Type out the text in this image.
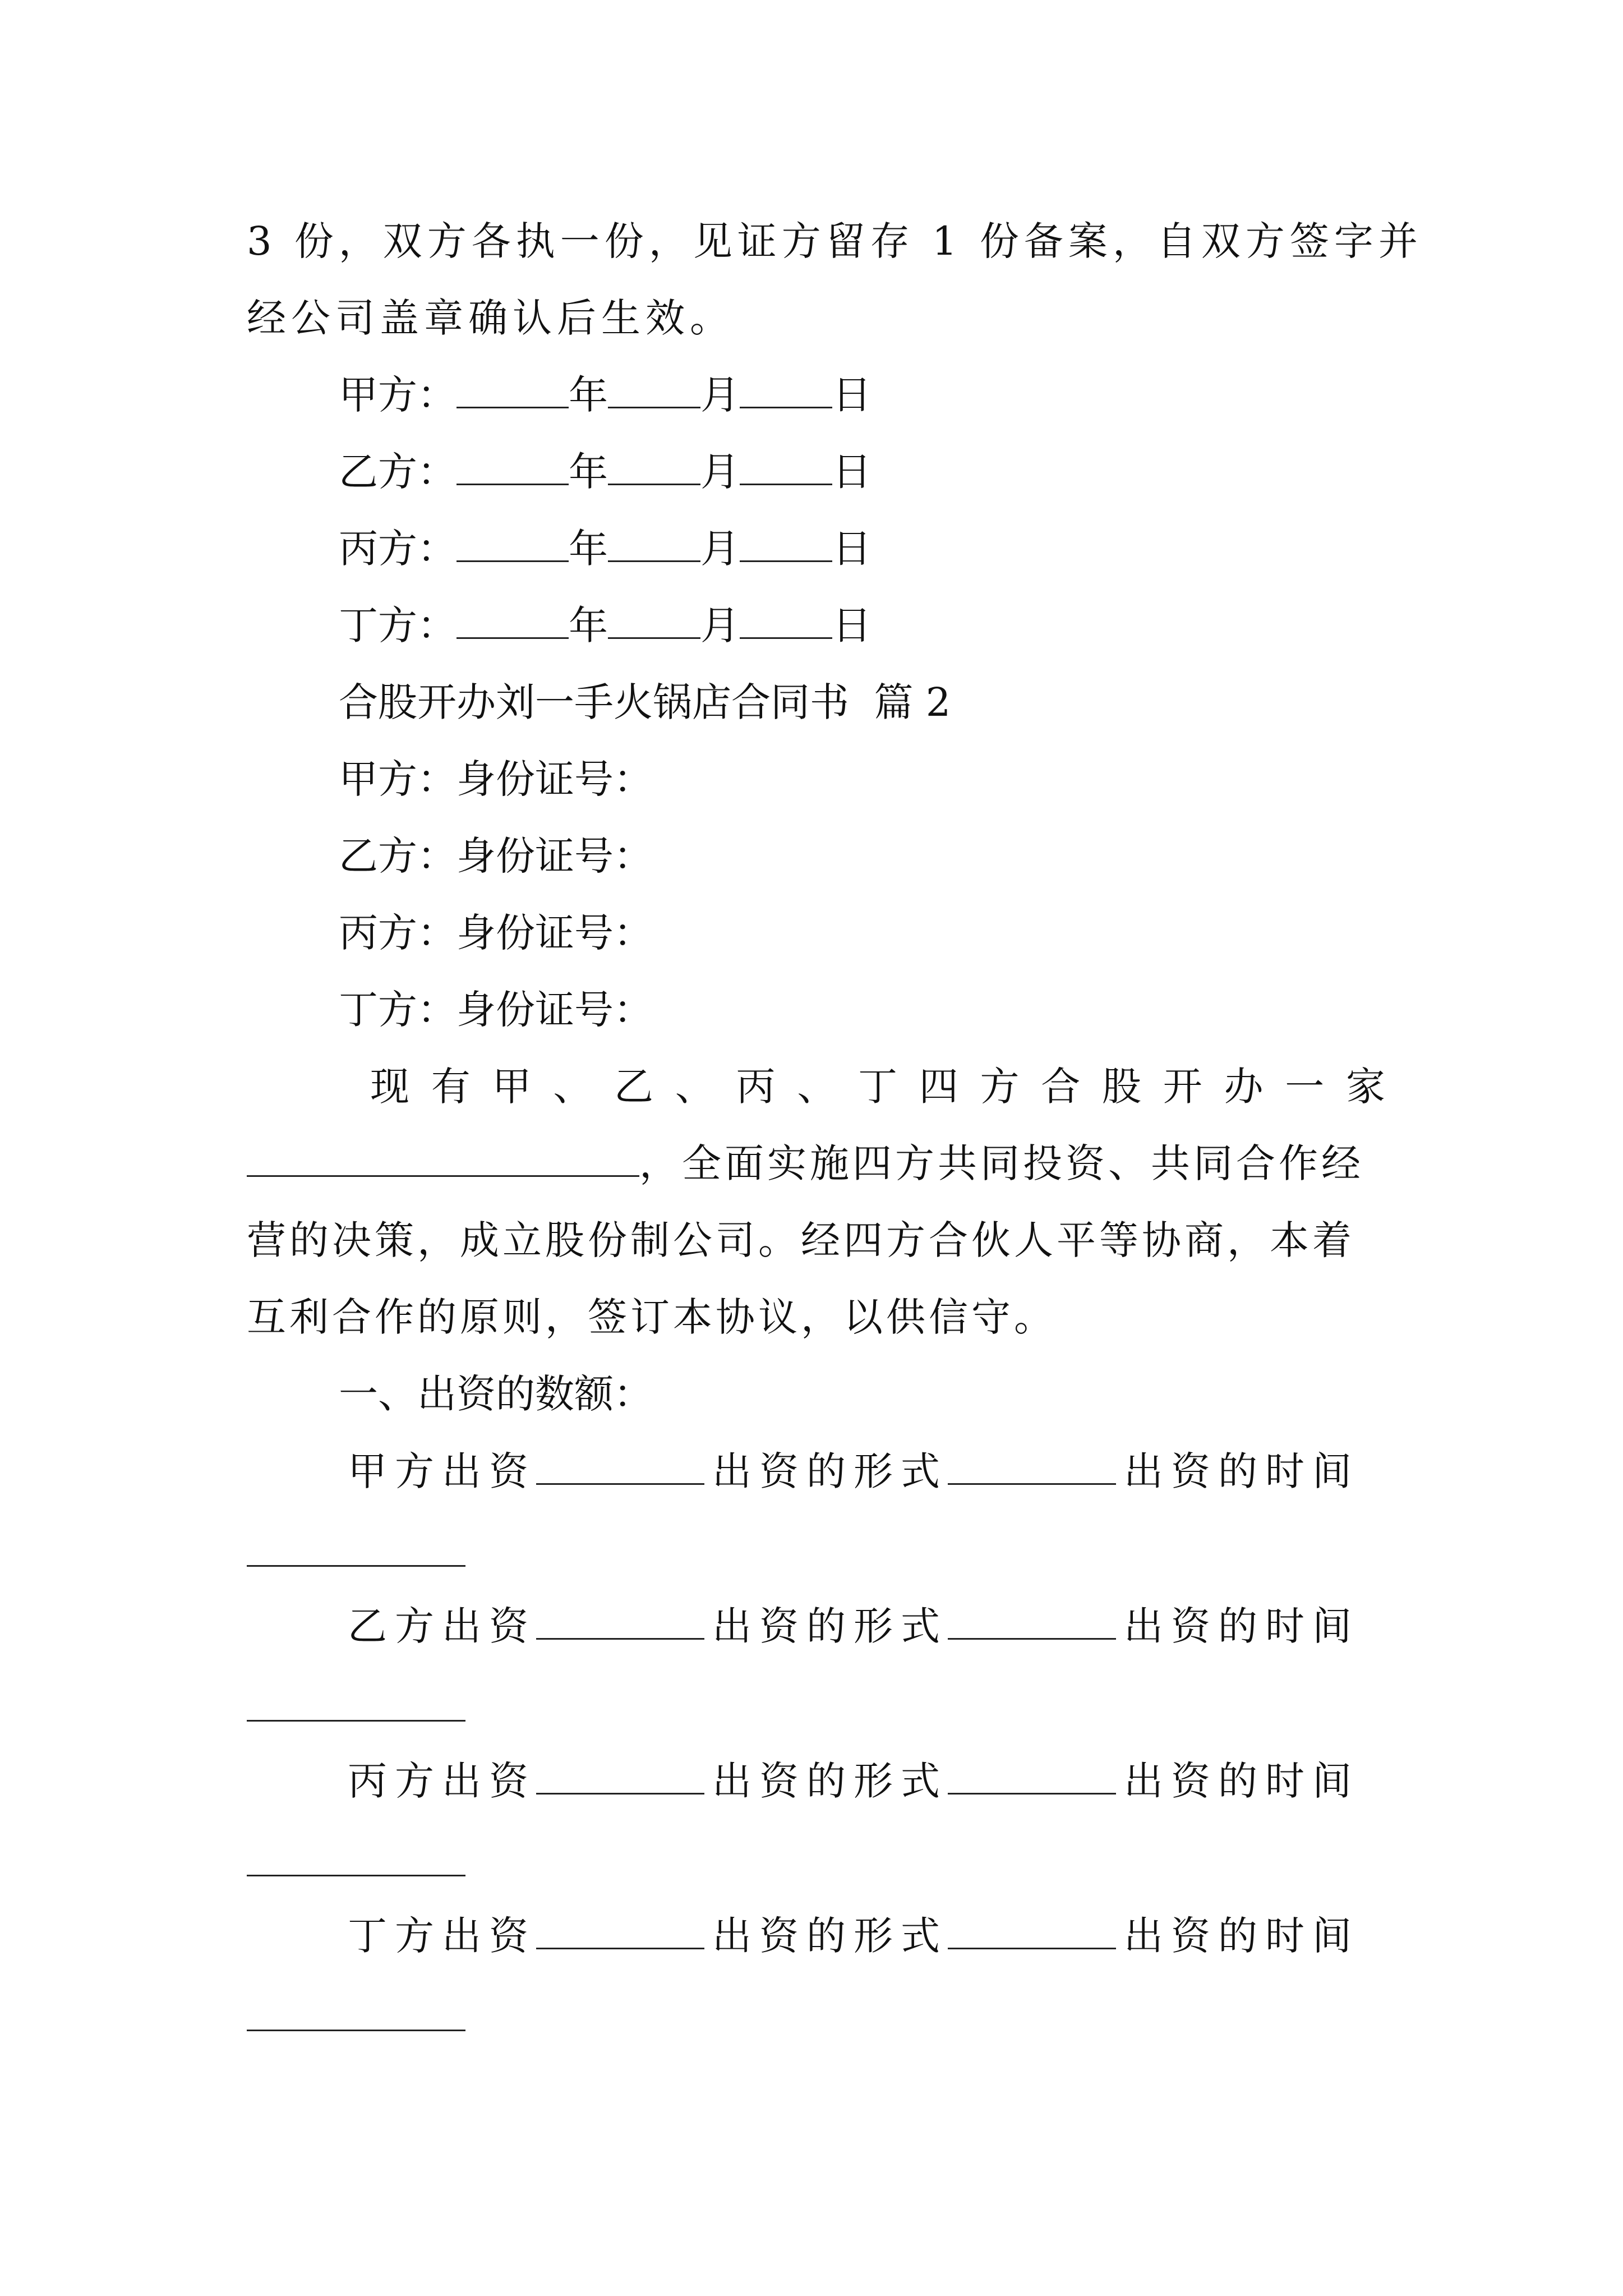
3 份，双方各执一份，见证方留存 1 份备案，自双方签字并
经公司盖章确认后生效。
甲方：	年 月 日
乙方：	年 月 日
丙方：	年 月 日
丁方：	年 月 日
合股开办刘一手火锅店合同书  篇 2
甲方：身份证号：
乙方：身份证号：
丙方：身份证号：
丁方：身份证号：
现 有 甲 、 乙 、 丙 、 丁 四 方 合 股 开 办 一 家
，全面实施四方共同投资、共同合作经
营的决策，成立股份制公司。经四方合伙人平等协商，本着
互利合作的原则，签订本协议，以供信守。
一、出资的数额：
甲方出资	出资的形式	出资的时间
乙方出资	出资的形式	出资的时间
丙方出资	出资的形式	出资的时间
丁方出资	出资的形式	出资的时间
